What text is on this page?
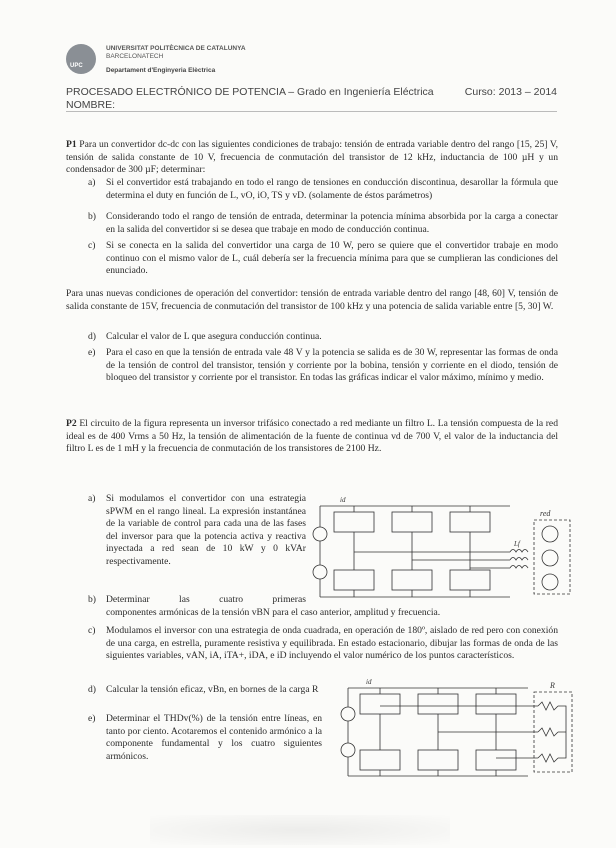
UPC
UNIVERSITAT POLITÈCNICA DE CATALUNYA
BARCELONATECH
Departament d'Enginyeria Elèctrica
PROCESADO ELECTRÓNICO DE POTENCIA – Grado en Ingeniería Eléctrica	Curso: 2013 – 2014
NOMBRE:
P1 Para un convertidor dc-dc con las siguientes condiciones de trabajo: tensión de entrada variable dentro del rango [15, 25] V, tensión de salida constante de 10 V, frecuencia de conmutación del transistor de 12 kHz, inductancia de 100 µH y un condensador de 300 µF; determinar:
a) Si el convertidor está trabajando en todo el rango de tensiones en conducción discontinua, desarollar la fórmula que determina el duty en función de L, vO, iO, TS y vD. (solamente de éstos parámetros)
b) Considerando todo el rango de tensión de entrada, determinar la potencia mínima absorbida por la carga a conectar en la salida del convertidor si se desea que trabaje en modo de conducción continua.
c) Si se conecta en la salida del convertidor una carga de 10 W, pero se quiere que el convertidor trabaje en modo continuo con el mismo valor de L, cuál debería ser la frecuencia mínima para que se cumplieran las condiciones del enunciado.
Para unas nuevas condiciones de operación del convertidor: tensión de entrada variable dentro del rango [48, 60] V, tensión de salida constante de 15V, frecuencia de conmutación del transistor de 100 kHz y una potencia de salida variable entre [5, 30] W.
d) Calcular el valor de L que asegura conducción continua.
e) Para el caso en que la tensión de entrada vale 48 V y la potencia se salida es de 30 W, representar las formas de onda de la tensión de control del transistor, tensión y corriente por la bobina, tensión y corriente en el diodo, tensión de bloqueo del transistor y corriente por el transistor. En todas las gráficas indicar el valor máximo, mínimo y medio.
P2 El circuito de la figura representa un inversor trifásico conectado a red mediante un filtro L. La tensión compuesta de la red ideal es de 400 Vrms a 50 Hz, la tensión de alimentación de la fuente de continua vd de 700 V, el valor de la inductancia del filtro L es de 1 mH y la frecuencia de conmutación de los transistores de 2100 Hz.
a) Si modulamos el convertidor con una estrategia sPWM en el rango lineal. La expresión instantánea de la variable de control para cada una de las fases del inversor para que la potencia activa y reactiva inyectada a red sean de 10 kW y 0 kVAr respectivamente.
b) Determinar las cuatro primeras
componentes armónicas de la tensión vBN para el caso anterior, amplitud y frecuencia.
c) Modulamos el inversor con una estrategia de onda cuadrada, en operación de 180º, aislado de red pero con conexión de una carga, en estrella, puramente resistiva y equilibrada. En estado estacionario, dibujar las formas de onda de las siguientes variables, vAN, iA, iTA+, iDA, e iD incluyendo el valor numérico de los puntos característicos.
d) Calcular la tensión eficaz, vBn, en bornes de la carga R
e) Determinar el THDv(%) de la tensión entre líneas, en tanto por ciento. Acotaremos el contenido armónico a la componente fundamental y los cuatro siguientes armónicos.
red
Lf
id
R
id
